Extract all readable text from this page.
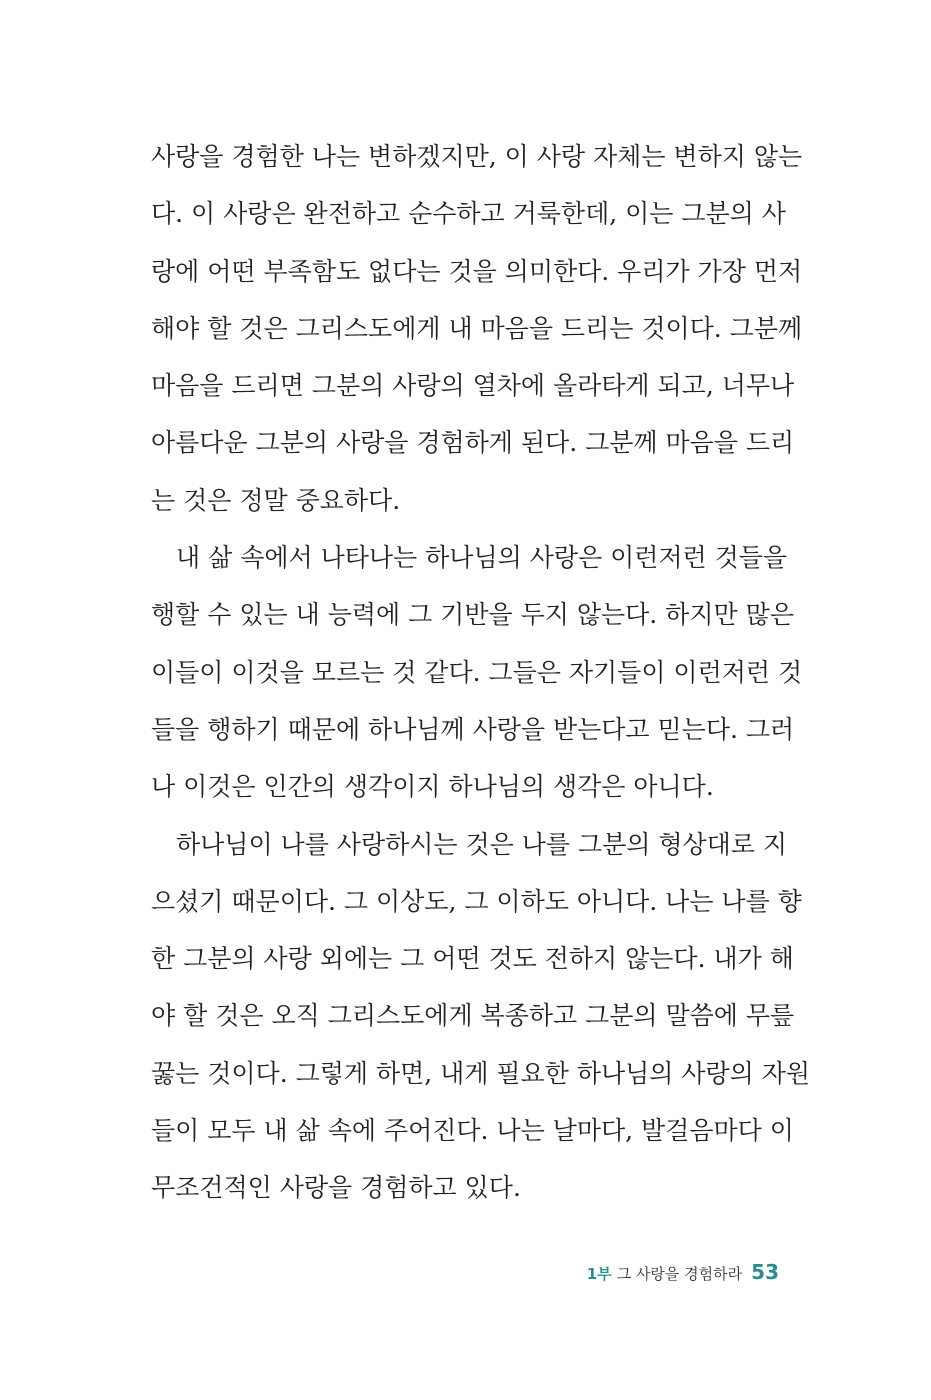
사랑을 경험한 나는 변하겠지만, 이 사랑 자체는 변하지 않는
다. 이 사랑은 완전하고 순수하고 거룩한데, 이는 그분의 사
랑에 어떤 부족함도 없다는 것을 의미한다. 우리가 가장 먼저
해야 할 것은 그리스도에게 내 마음을 드리는 것이다. 그분께
마음을 드리면 그분의 사랑의 열차에 올라타게 되고, 너무나
아름다운 그분의 사랑을 경험하게 된다. 그분께 마음을 드리
는 것은 정말 중요하다.
내 삶 속에서 나타나는 하나님의 사랑은 이런저런 것들을
행할 수 있는 내 능력에 그 기반을 두지 않는다. 하지만 많은
이들이 이것을 모르는 것 같다. 그들은 자기들이 이런저런 것
들을 행하기 때문에 하나님께 사랑을 받는다고 믿는다. 그러
나 이것은 인간의 생각이지 하나님의 생각은 아니다.
하나님이 나를 사랑하시는 것은 나를 그분의 형상대로 지
으셨기 때문이다. 그 이상도, 그 이하도 아니다. 나는 나를 향
한 그분의 사랑 외에는 그 어떤 것도 전하지 않는다. 내가 해
야 할 것은 오직 그리스도에게 복종하고 그분의 말씀에 무릎
꿇는 것이다. 그렇게 하면, 내게 필요한 하나님의 사랑의 자원
들이 모두 내 삶 속에 주어진다. 나는 날마다, 발걸음마다 이
무조건적인 사랑을 경험하고 있다.
1부 그 사랑을 경험하라 53
